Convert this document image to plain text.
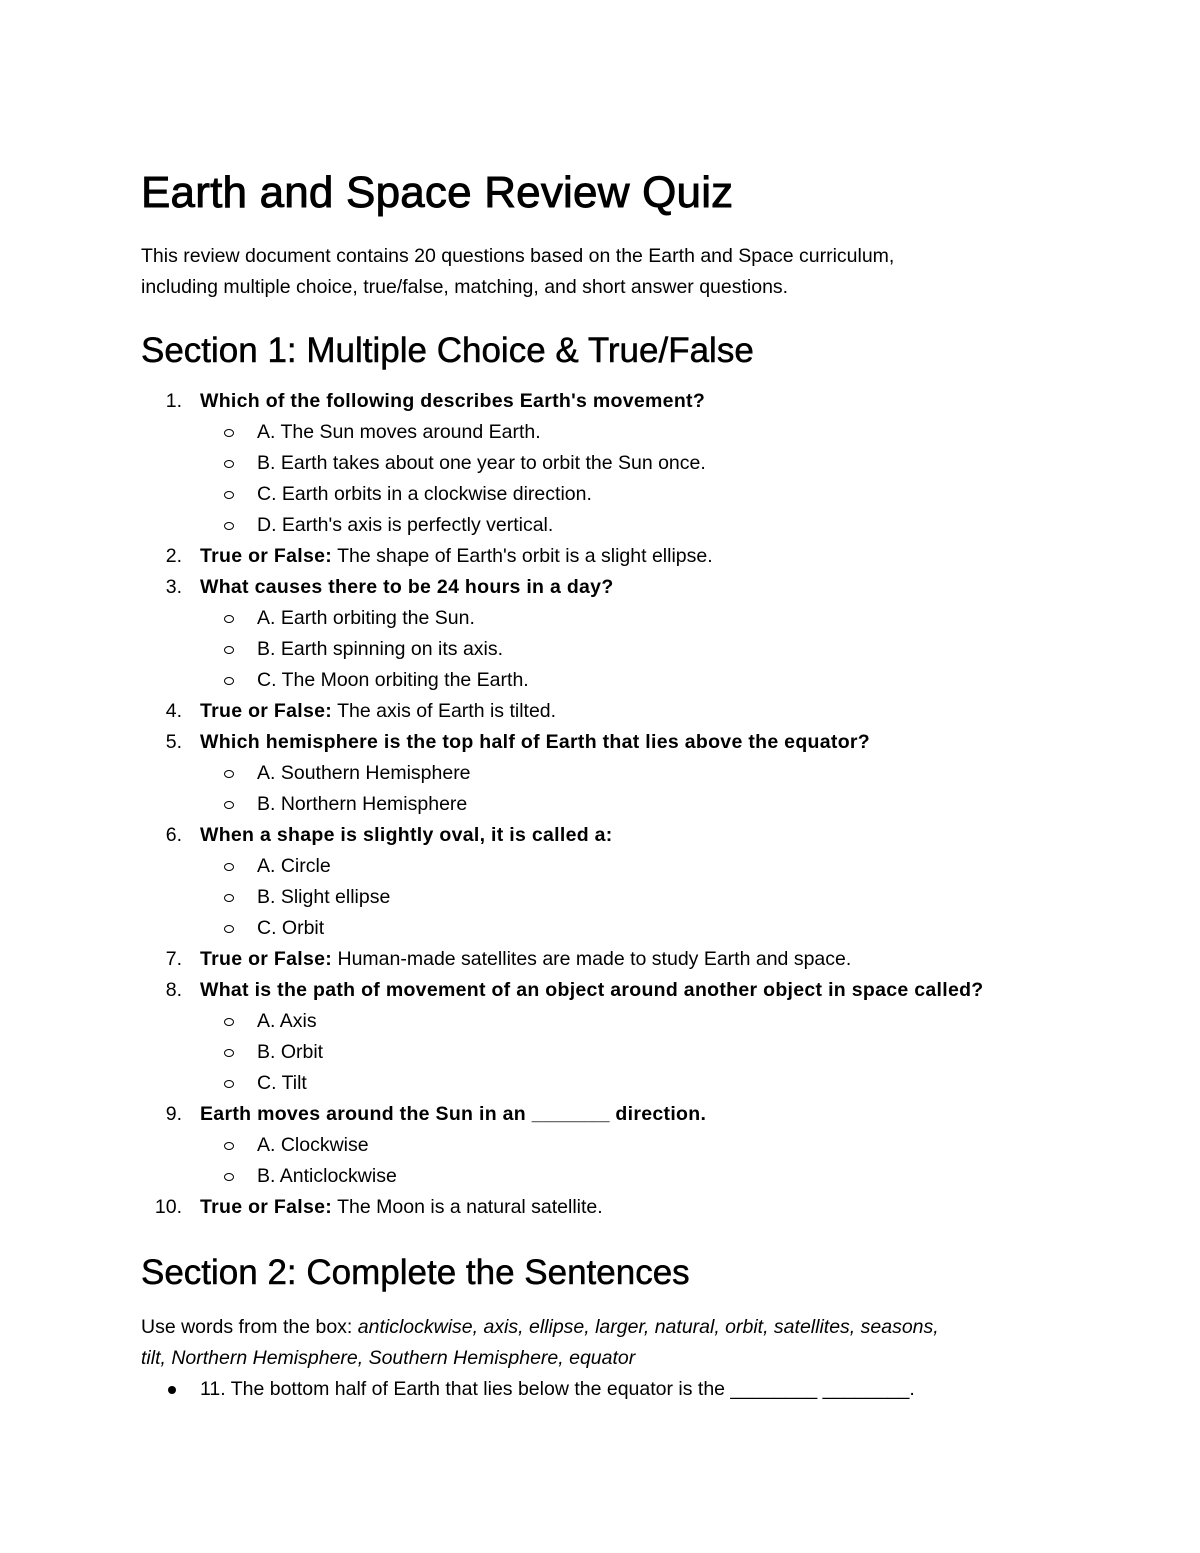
Earth and Space Review Quiz

This review document contains 20 questions based on the Earth and Space curriculum,
including multiple choice, true/false, matching, and short answer questions.

Section 1: Multiple Choice & True/False
1. Which of the following describes Earth's movement?
A. The Sun moves around Earth.
B. Earth takes about one year to orbit the Sun once.
C. Earth orbits in a clockwise direction.
D. Earth's axis is perfectly vertical.
2. True or False: The shape of Earth's orbit is a slight ellipse.
3. What causes there to be 24 hours in a day?
A. Earth orbiting the Sun.
B. Earth spinning on its axis.
C. The Moon orbiting the Earth.
4. True or False: The axis of Earth is tilted.
5. Which hemisphere is the top half of Earth that lies above the equator?
A. Southern Hemisphere
B. Northern Hemisphere
6. When a shape is slightly oval, it is called a:
A. Circle
B. Slight ellipse
C. Orbit
7. True or False: Human-made satellites are made to study Earth and space.
8. What is the path of movement of an object around another object in space called?
A. Axis
B. Orbit
C. Tilt
9. Earth moves around the Sun in an _______ direction.
A. Clockwise
B. Anticlockwise
10. True or False: The Moon is a natural satellite.
Section 2: Complete the Sentences

Use words from the box: anticlockwise, axis, ellipse, larger, natural, orbit, satellites, seasons,
tilt, Northern Hemisphere, Southern Hemisphere, equator

11. The bottom half of Earth that lies below the equator is the ________ ________.
